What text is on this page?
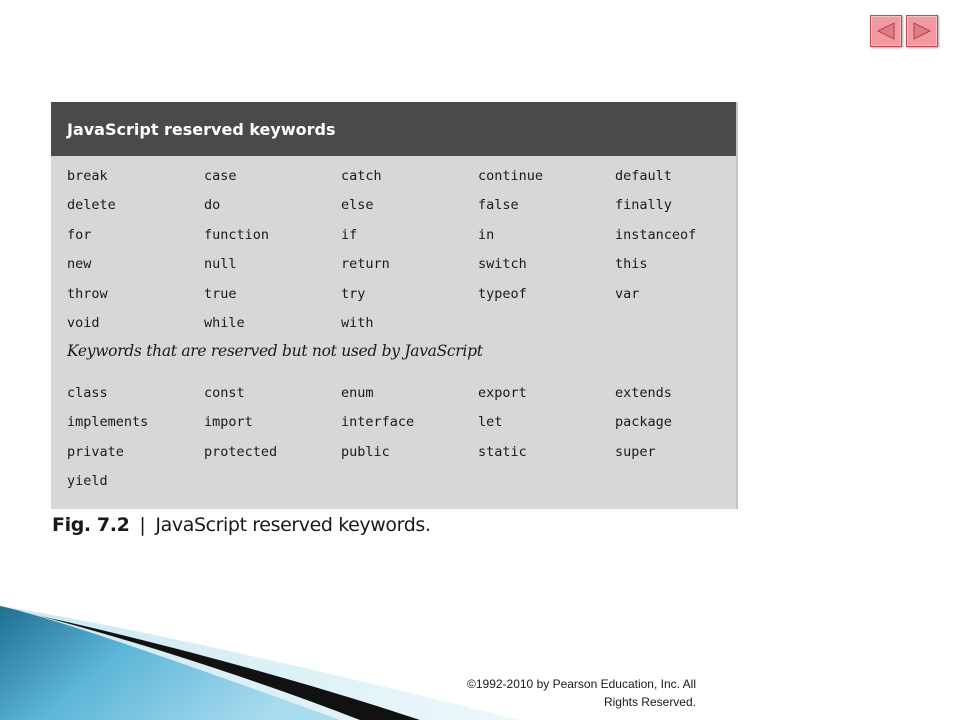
JavaScript reserved keywords
break	case	catch	continue	default
delete	do	else	false	finally
for	function	if	in	instanceof
new	null	return	switch	this
throw	true	try	typeof	var
void	while	with
Keywords that are reserved but not used by JavaScript
class	const	enum	export	extends
implements	import	interface	let	package
private	protected	public	static	super
yield
Fig. 7.2 | JavaScript reserved keywords.
©1992-2010 by Pearson Education, Inc. All
Rights Reserved.
